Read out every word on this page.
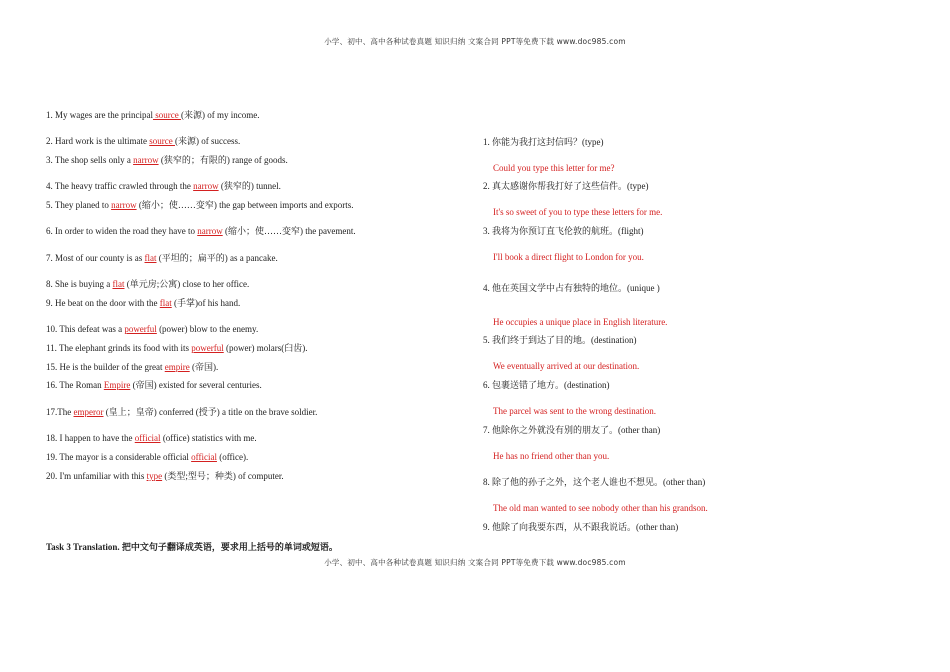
小学、初中、高中各种试卷真题 知识归纳 文案合同 PPT等免费下载 www.doc985.com
1. My wages are the principal source (来源) of my income.
2. Hard work is the ultimate source (来源) of success.
3. The shop sells only a narrow (狭窄的；有限的) range of goods.
4. The heavy traffic crawled through the narrow (狭窄的) tunnel.
5. They planed to narrow (缩小；使……变窄) the gap between imports and exports.
6. In order to widen the road they have to narrow (缩小；使……变窄) the pavement.
7. Most of our county is as flat (平坦的；扁平的) as a pancake.
8. She is buying a flat (单元房;公寓) close to her office.
9. He beat on the door with the flat (手掌)of his hand.
10. This defeat was a powerful (power) blow to the enemy.
11. The elephant grinds its food with its powerful (power) molars(臼齿).
15. He is the builder of the great empire (帝国).
16. The Roman Empire (帝国) existed for several centuries.
17.The emperor (皇上；皇帝) conferred (授予) a title on the brave soldier.
18. I happen to have the official (office) statistics with me.
19. The mayor is a considerable official official (office).
20. I'm unfamiliar with this type (类型;型号；种类) of computer.
Task 3 Translation. 把中文句子翻译成英语，要求用上括号的单词或短语。
1. 你能为我打这封信吗？(type)
Could you type this letter for me?
2. 真太感谢你帮我打好了这些信件。(type)
It's so sweet of you to type these letters for me.
3. 我将为你预订直飞伦敦的航班。(flight)
I'll book a direct flight to London for you.
4. 他在英国文学中占有独特的地位。(unique )
He occupies a unique place in English literature.
5. 我们终于到达了目的地。(destination)
We eventually arrived at our destination.
6. 包裹送错了地方。(destination)
The parcel was sent to the wrong destination.
7. 他除你之外就没有别的朋友了。(other than)
He has no friend other than you.
8. 除了他的孙子之外，这个老人谁也不想见。(other than)
The old man wanted to see nobody other than his grandson.
9. 他除了向我要东西，从不跟我说话。(other than)
小学、初中、高中各种试卷真题 知识归纳 文案合同 PPT等免费下载 www.doc985.com
